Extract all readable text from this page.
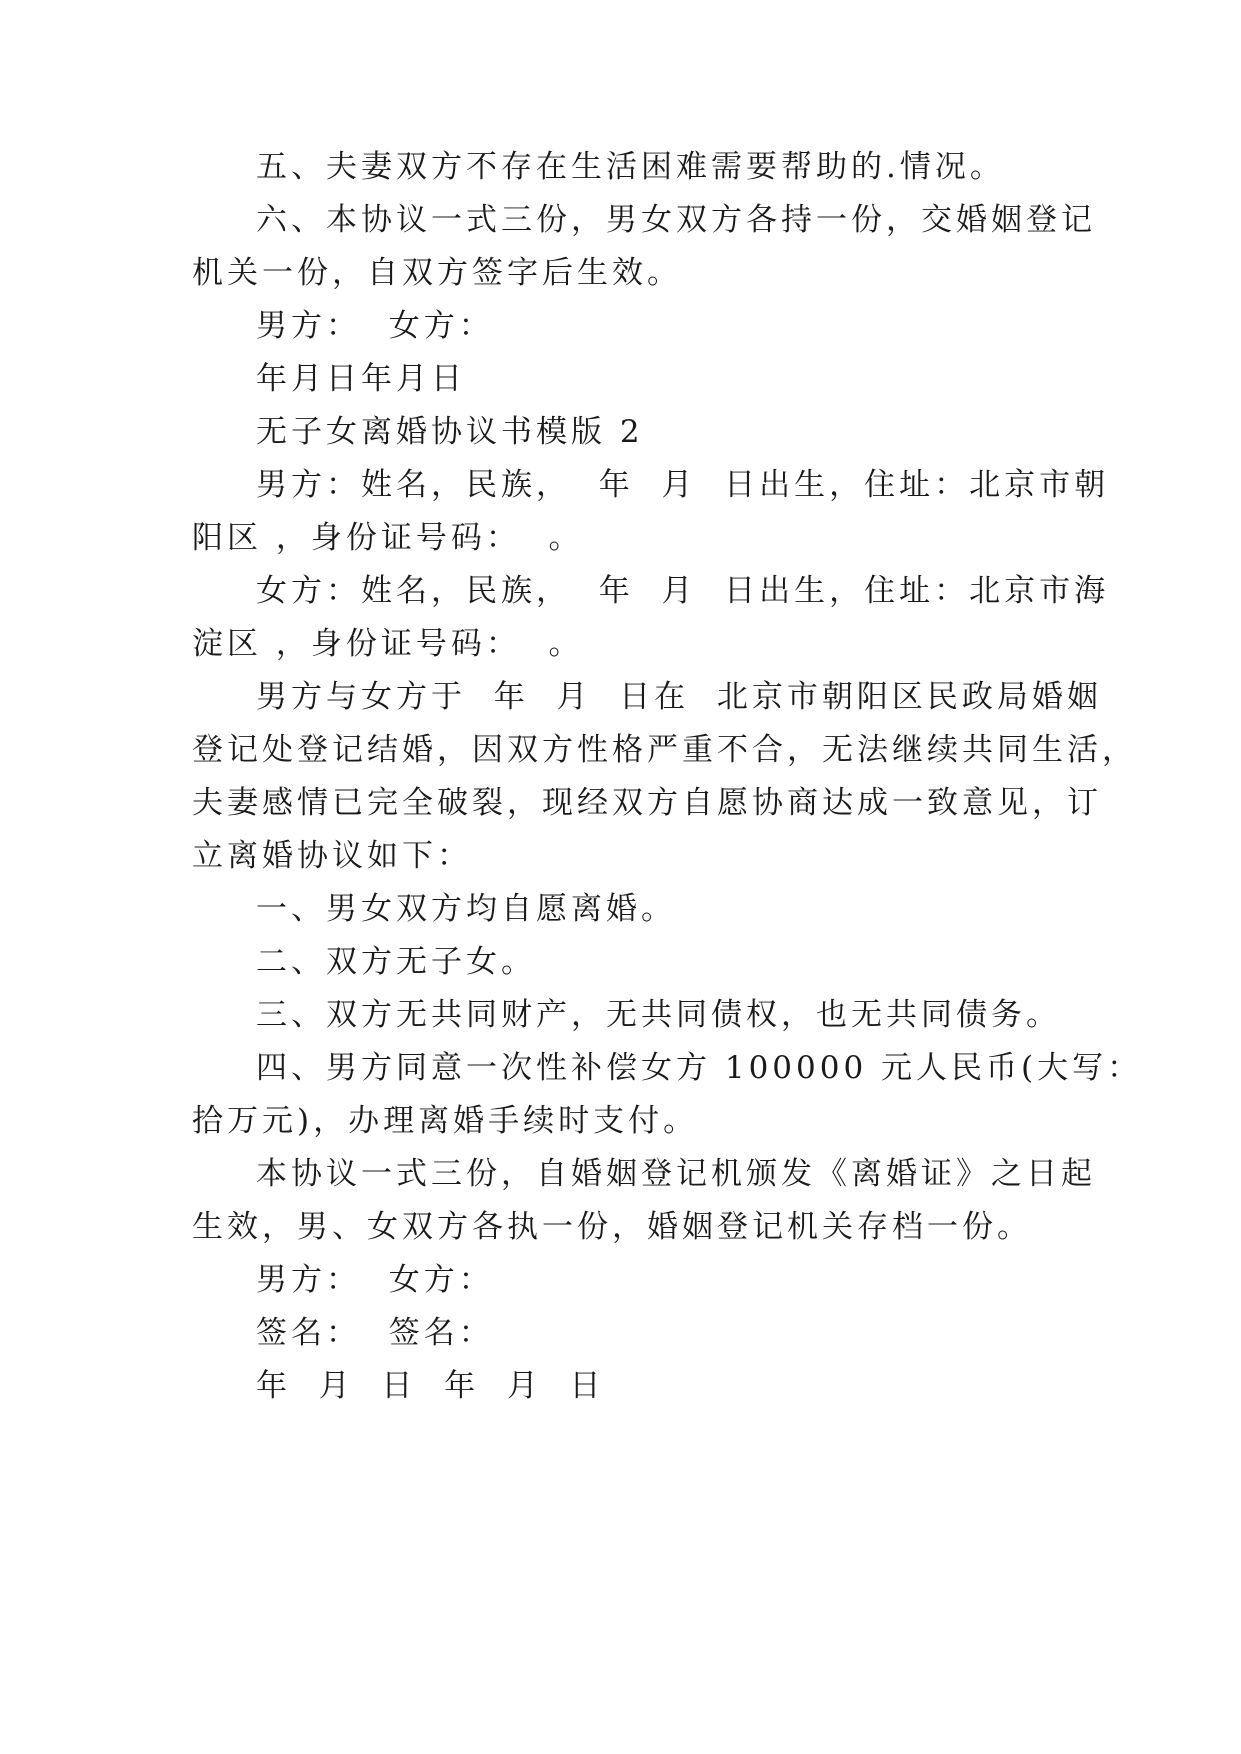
五、夫妻双方不存在生活困难需要帮助的.情况。
六、本协议一式三份，男女双方各持一份，交婚姻登记
机关一份，自双方签字后生效。
男方：  女方：
年月日年月日
无子女离婚协议书模版 2
男方：姓名，民族，  年  月  日出生，住址：北京市朝
阳区 ，身份证号码：  。
女方：姓名，民族，  年  月  日出生，住址：北京市海
淀区 ，身份证号码：  。
男方与女方于  年  月  日在  北京市朝阳区民政局婚姻
登记处登记结婚，因双方性格严重不合，无法继续共同生活，
夫妻感情已完全破裂，现经双方自愿协商达成一致意见，订
立离婚协议如下：
一、男女双方均自愿离婚。
二、双方无子女。
三、双方无共同财产，无共同债权，也无共同债务。
四、男方同意一次性补偿女方 100000 元人民币(大写：
拾万元)，办理离婚手续时支付。
本协议一式三份，自婚姻登记机颁发《离婚证》之日起
生效，男、女双方各执一份，婚姻登记机关存档一份。
男方：  女方：
签名：  签名：
年  月  日  年  月  日
